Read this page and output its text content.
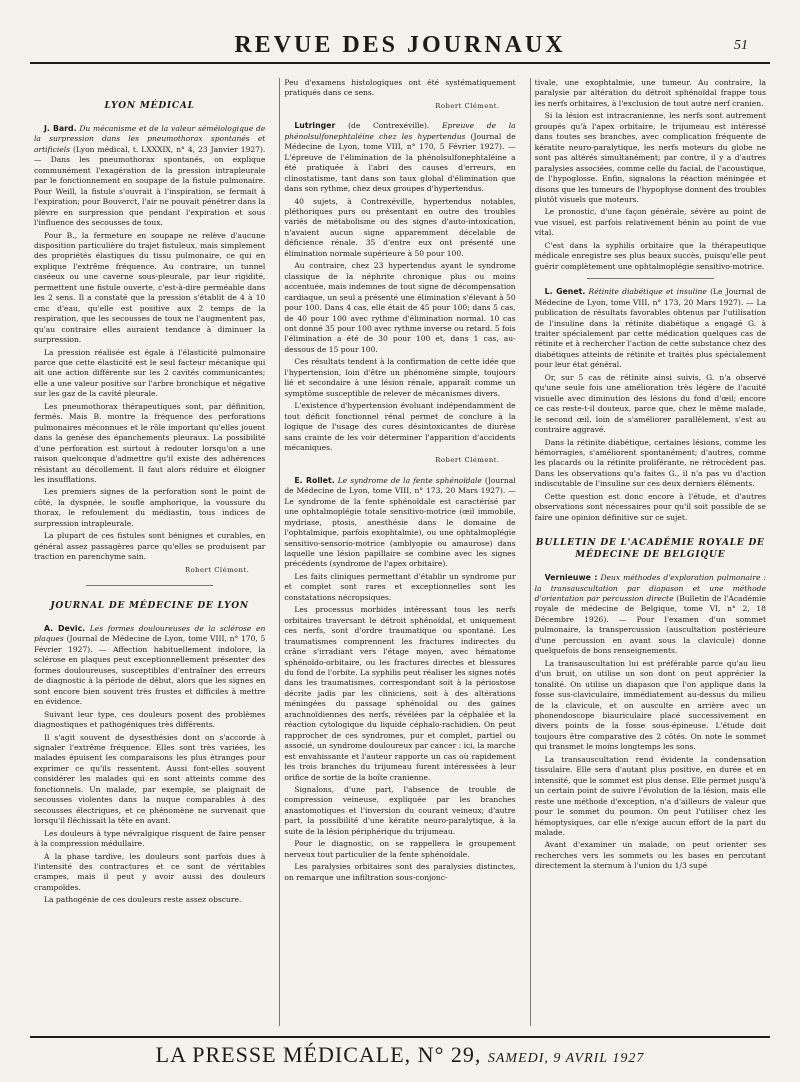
REVUE DES JOURNAUX	51
LYON MÉDICAL

J. Bard. Du mécanisme et de la valeur séméiologique de la surpression dans les pneumothorax spontanés et artificiels (Lyon médical, t. LXXXIX, n° 4, 23 Janvier 1927). — Dans les pneumothorax spontanés, on explique communément l'exagération de la pression intrapleurale par le fonctionnement en soupape de la fistule pulmonaire. Pour Weill, la fistule s'ouvrait à l'inspiration, se fermait à l'expiration; pour Bouverct, l'air ne pouvait pénétrer dans la plèvre en surpression que pendant l'expiration et sous l'influence des secousses de toux.

Pour B., la fermeture en soupape ne relève d'aucune disposition particulière du trajet fistuleux, mais simplement des propriétés élastiques du tissu pulmonaire, ce qui en explique l'extrême fréquence. Au contraire, un tunnel caséeux ou une caverne sous-pleurale, par leur rigidité, permettent une fistule ouverte, c'est-à-dire perméable dans les 2 sens. Il a constaté que la pression s'établit de 4 à 10 cmc d'eau, qu'elle est positive aux 2 temps de la respiration, que les secousses de toux ne l'augmentent pas, qu'au contraire elles auraient tendance à diminuer la surpression.

La pression réalisée est égale à l'élasticité pulmonaire parce que cette élasticité est le seul facteur mécanique qui ait une action différente sur les 2 cavités communicantes; elle a une valeur positive sur l'arbre bronchique et négative sur les gaz de la cavité pleurale.

Les pneumothorax thérapeutiques sont, par définition, fermés. Mais B. montre la fréquence des perforations pulmonaires méconnues et le rôle important qu'elles jouent dans la genèse des épanchements pleuraux. La possibilité d'une perforation est surtout à redouter lorsqu'on a une raison quelconque d'admettre qu'il existe des adhérences résistant au décollement. Il faut alors réduire et éloigner les insufflations.

Les premiers signes de la perforation sont le point de côté, la dyspnée, le soufle amphorique, la voussure du thorax, le refoulement du médiastin, tous indices de surpression intrapleurale.

La plupart de ces fistules sont bénignes et curables, en général assez passagères parce qu'elles se produisent par traction en parenchyme sain.

Robert Clément.
JOURNAL DE MÉDECINE DE LYON

A. Devic. Les formes douloureuses de la sclérose en plaques (Journal de Médecine de Lyon, tome VIII, n° 170, 5 Février 1927). — Affection habituellement indolore, la sclérose en plaques peut exceptionnellement présenter des formes douloureuses, susceptibles d'entraîner des erreurs de diagnostic à la période de début, alors que les signes en sont encore bien souvent très frustes et difficiles à mettre en évidence.

Suivant leur type, ces douleurs posent des problèmes diagnostiques et pathogéniques très différents.

Il s'agit souvent de dysesthésies dont on s'accorde à signaler l'extrême fréquence. Elles sont très variées, les malades épuisent les comparaisons les plus étranges pour exprimer ce qu'ils ressentent. Aussi font-elles souvent considérer les malades qui en sont atteints comme des fonctionnels. Un malade, par exemple, se plaignait de secousses violentes dans la nuque comparables à des secousses électriques, et ce phénomène ne survenait que lorsqu'il fléchissait la tête en avant.

Les douleurs à type névralgique risquent de faire penser à la compression médullaire.

A la phase tardive, les douleurs sont parfois dues à l'intensité des contractures et ce sont de véritables crampes, mais il peut y avoir aussi des douleurs crampoïdes.

La pathogénie de ces douleurs reste assez obscure.

Peu d'examens histologiques ont été systématiquement pratiqués dans ce sens.

Robert Clément.

Lutringer (de Contrexéville). Epreuve de la phénolsulfonephtaléine chez les hypertendus (Journal de Médecine de Lyon, tome VIII, n° 170, 5 Février 1927). — L'épreuve de l'élimination de la phénolsulfonephtaléine a été pratiquée à l'abri des causes d'erreurs, en clinostatisme, tant dans son taux global d'élimination que dans son rythme, chez deux groupes d'hypertendus.

40 sujets, à Contrexéville, hypertendus notables, pléthoriques purs ou présentant en outre des troubles variés de métabolisme ou des signes d'auto-intoxication, n'avaient aucun signe apparemment décelable de déficience rénale. 35 d'entre eux ont présenté une élimination normale supérieure à 50 pour 100.

Au contraire, chez 23 hypertendus ayant le syndrome classique de la néphrite chronique plus ou moins accentuée, mais indemnes de tout signe de décompensation cardiaque, un seul a présenté une élimination s'élevant à 50 pour 100. Dans 4 cas, elle était de 45 pour 100; dans 5 cas, de 40 pour 100 avec rythme d'élimination normal. 10 cas ont donné 35 pour 100 avec rythme inverse ou retard. 5 fois l'élimination a été de 30 pour 100 et, dans 1 cas, au-dessous de 15 pour 100.

Ces résultats tendent à la confirmation de cette idée que l'hypertension, loin d'être un phénomène simple, toujours lié et secondaire à une lésion rénale, apparaît comme un symptôme susceptible de relever de mécanismes divers.

L'existence d'hypertension évoluant indépendamment de tout déficit fonctionnel rénal permet de conclure à la logique de l'usage des cures désintoxicantes de diurèse sans crainte de les voir déterminer l'apparition d'accidents mécaniques.

Robert Clément.

E. Rollet. Le syndrome de la fente sphénoïdale (Journal de Médecine de Lyon, tome VIII, n° 173, 20 Mars 1927). — Le syndrome de la fente sphénoïdale est caractérisé par une ophtalmoplégie totale sensitivo-motrice (œil immobile, mydriase, ptosis, anesthésie dans le domaine de l'ophtalmique, parfois exophtalmie), ou une ophtalmoplégie sensitivo-sensorio-motrice (amblyopie ou amaurose) dans laquelle une lésion papillaire se combine avec les signes précédents (syndrome de l'apex orbitaire).

Les faits cliniques permettant d'établir un syndrome pur et complet sont rares et exceptionnelles sont les constatations nécropsiques.

Les processus morbides intéressant tous les nerfs orbitaires traversant le détroit sphénoïdal, et uniquement ces nerfs, sont d'ordre traumatique ou spontané. Les traumatismes comprennent les fractures indirectes du crâne s'irradiant vers l'étage moyen, avec hématome sphénoïdo-orbitaire, ou les fractures directes et blessures du fond de l'orbite. La syphilis peut réaliser les signes notés dans les traumatismes, correspondant soit à la périostose décrite jadis par les cliniciens, soit à des altérations méningées du passage sphénoïdal ou des gaines arachnoïdiennes des nerfs, révélées par la céphalée et la réaction cytologique du liquide céphalo-rachidien. On peut rapprocher de ces syndromes, pur et complet, partiel ou associé, un syndrome douloureux par cancer : ici, la marche est envahissante et l'auteur rapporte un cas où rapidement les trois branches du trijumeau furent intéressées à leur orifice de sortie de la boîte cranienne.

Signalons, d'une part, l'absence de trouble de compression veineuse, expliquée par les branches anastomotiques et l'inversion du courant veineux; d'autre part, la possibilité d'une kératite neuro-paralytique, à la suite de la lésion périphérique du trijumeau.

Pour le diagnostic, on se rappellera le groupement nerveux tout particulier de la fente sphénoïdale.

Les paralysies orbitaires sont des paralysies distinctes, on remarque une infiltration sous-conjonc-

tivale, une exophtalmie, une tumeur. Au contraire, la paralysie par altération du détroit sphénoïdal frappe tous les nerfs orbitaires, à l'exclusion de tout autre nerf cranien.

Si la lésion est intracranienne, les nerfs sont autrement groupés qu'à l'apex orbitaire, le trijumeau est intéressé dans toutes ses branches, avec complication fréquente de kératite neuro-paralytique, les nerfs moteurs du globe ne sont pas altérés simultanément; par contre, il y a d'autres paralysies associées, comme celle du facial, de l'acoustique, de l'hypoglosse. Enfin, signalons la réaction méningée et disons que les tumeurs de l'hypophyse donnent des troubles plutôt visuels que moteurs.

Le pronostic, d'une façon générale, sévère au point de vue visuel, est parfois relativement bénin au point de vue vital.

C'est dans la syphilis orbitaire que la thérapeutique médicale enregistre ses plus beaux succès, puisqu'elle peut guérir complètement une ophtalmoplégie sensitivo-motrice.

L. Genet. Rétinite diabétique et insuline (Le Journal de Médecine de Lyon, tome VIII, n° 173, 20 Mars 1927). — La publication de résultats favorables obtenus par l'utilisation de l'insuline dans la rétinite diabétique a engagé G. à traiter spécialement par cette médication quelques cas de rétinite et à rechercher l'action de cette substance chez des diabétiques atteints de rétinite et traités plus spécialement pour leur état général.

Or, sur 5 cas de rétinite ainsi suivis, G. n'a observé qu'une seule fois une amélioration très légère de l'acuité visuelle avec diminution des lésions du fond d'œil; encore ce cas reste-t-il douteux, parce que, chez le même malade, le second œil, loin de s'améliorer parallèlement, s'est au contraire aggravé.

Dans la rétinite diabétique, certaines lésions, comme les hémorragies, s'améliorent spontanément; d'autres, comme les placards ou la rétinite proliférante, ne rétrocèdent pas. Dans les observations qu'a faites G., il n'a pas vu d'action indiscutable de l'insuline sur ces deux derniers éléments.

Cette question est donc encore à l'étude, et d'autres observations sont nécessaires pour qu'il soit possible de se faire une opinion définitive sur ce sujet.

BULLETIN DE L'ACADÉMIE ROYALE DE MÉDECINE DE BELGIQUE

Vernieuwe : Deux méthodes d'exploration pulmonaire : la transauscultation par diapason et une méthode d'orientation par percussion directe (Bulletin de l'Académie royale de médecine de Belgique, tome VI, n° 2, 18 Décembre 1926). — Pour l'examen d'un sommet pulmonaire, la transpercussion (auscultation postérieure d'une percussion en avant sous la clavicule) donne quelquefois de bons renseignements.

La transauscultation lui est préférable parce qu'au lieu d'un bruit, on utilise un son dont on peut apprécier la tonalité. On utilise un diapason que l'on applique dans la fosse sus-claviculaire, immédiatement au-dessus du milieu de la clavicule, et on ausculte en arrière avec un phonendoscope biauriculaire placé successivement en divers points de la fosse sous-épineuse. L'étude doit toujours être comparative des 2 côtés. On note le sommet qui transmet le moins longtemps les sons.

La transauscultation rend évidente la condensation tissulaire. Elle sera d'autant plus positive, en durée et en intensité, que le sommet est plus dense. Elle permet jusqu'à un certain point de suivre l'évolution de la lésion, mais elle reste une méthode d'exception, n'a d'ailleurs de valeur que pour le sommet du poumon. On peut l'utiliser chez les hémoptysiques, car elle n'exige aucun effort de la part du malade.

Avant d'examiner un malade, on peut orienter ses recherches vers les sommets ou les bases en percutant directement la sternum à l'union du 1/3 supé

LA PRESSE MÉDICALE, N° 29, SAMEDI, 9 AVRIL 1927
